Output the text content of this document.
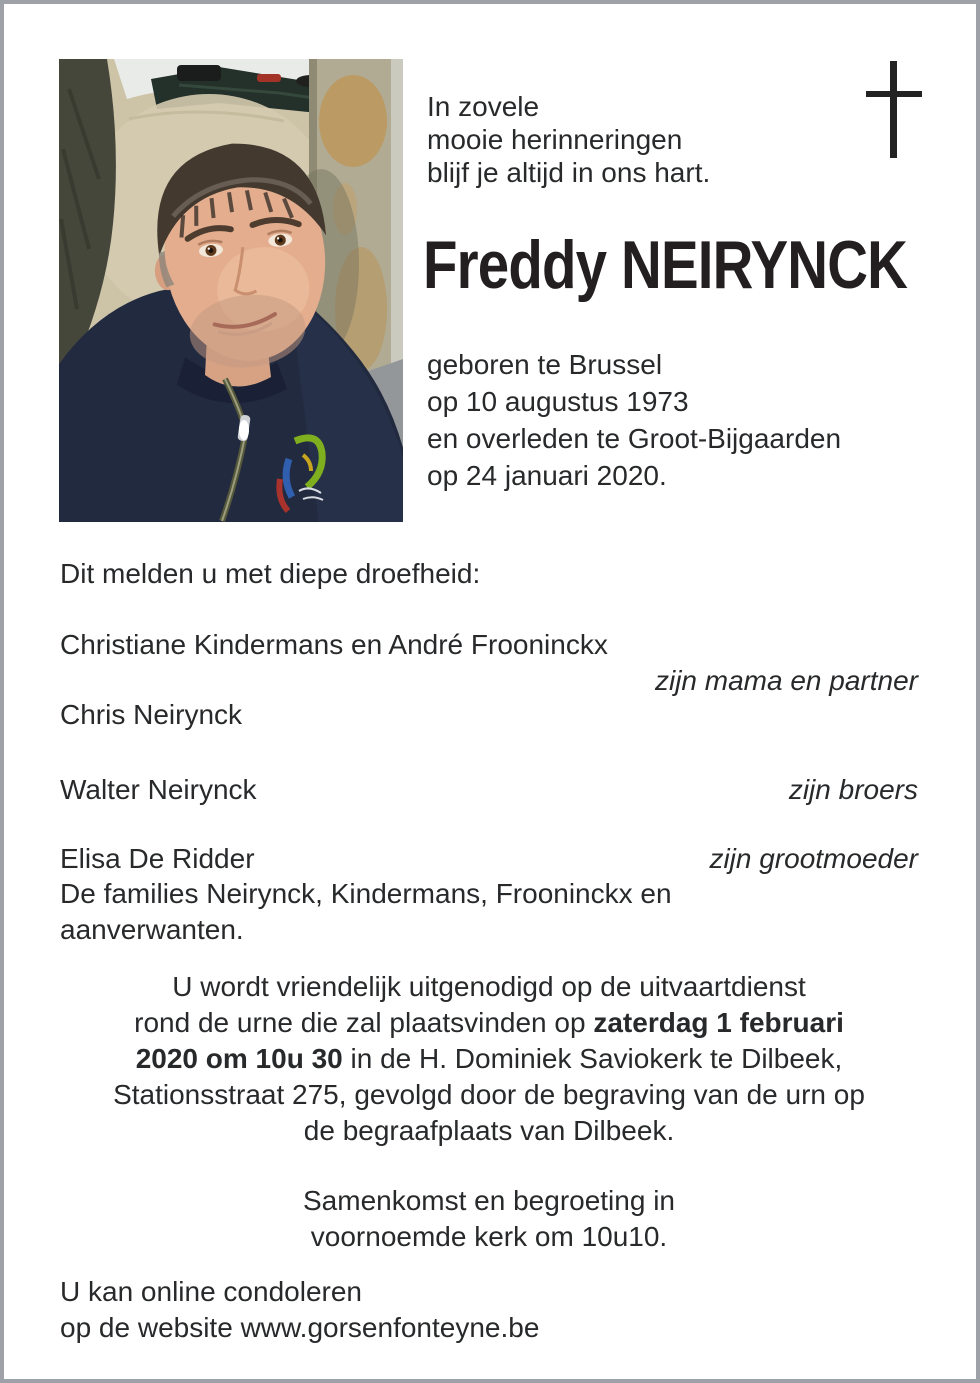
In zovele
mooie herinneringen
blijf je altijd in ons hart.
Freddy NEIRYNCK
geboren te Brussel
op 10 augustus 1973
en overleden te Groot-Bijgaarden
op 24 januari 2020.
Dit melden u met diepe droefheid:
Christiane Kindermans en André Frooninckx
zijn mama en partner
Chris Neirynck
Walter Neirynck	zijn broers
Elisa De Ridder	zijn grootmoeder
De families Neirynck, Kindermans, Frooninckx en
aanverwanten.
U wordt vriendelijk uitgenodigd op de uitvaartdienst
rond de urne die zal plaatsvinden op zaterdag 1 februari
2020 om 10u 30 in de H. Dominiek Saviokerk te Dilbeek,
Stationsstraat 275, gevolgd door de begraving van de urn op
de begraafplaats van Dilbeek.
Samenkomst en begroeting in
voornoemde kerk om 10u10.
U kan online condoleren
op de website www.gorsenfonteyne.be
